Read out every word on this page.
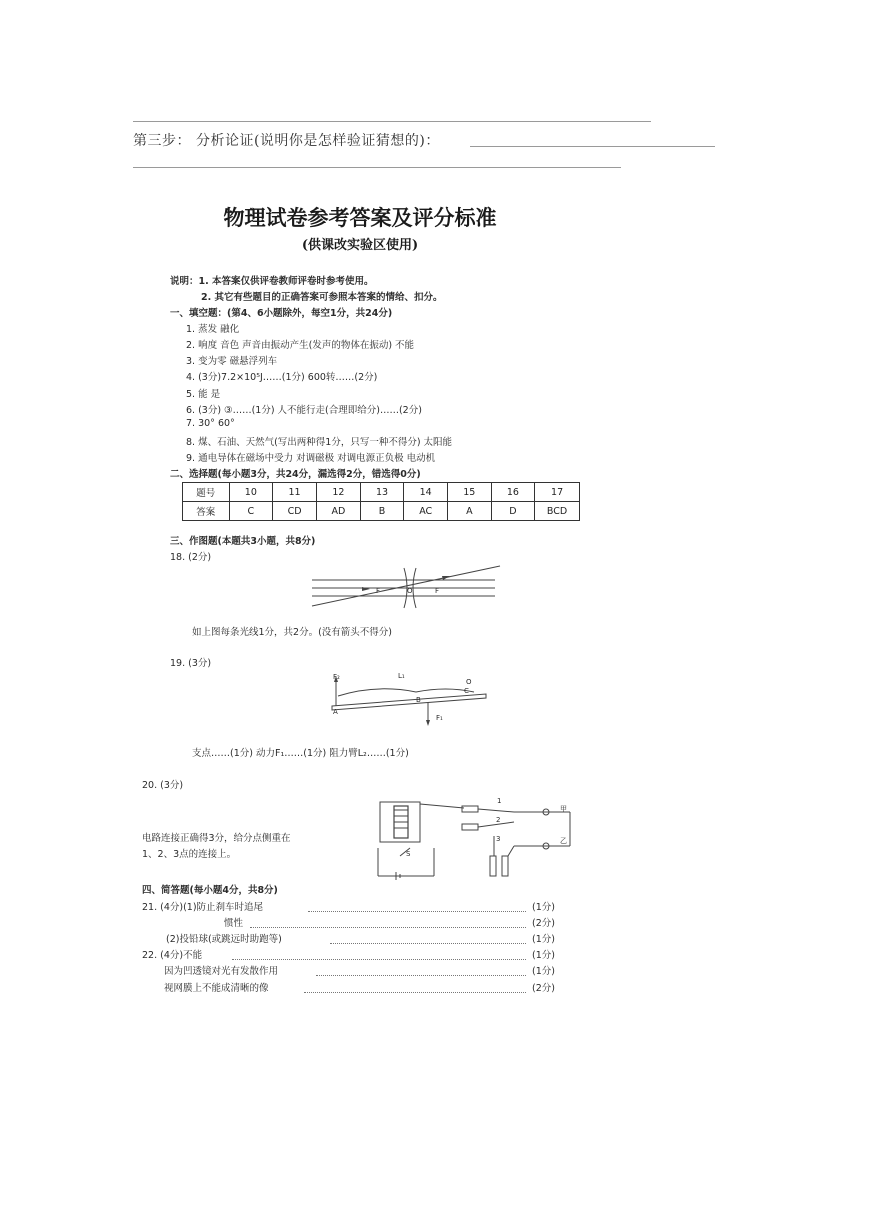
第三步： 分析论证(说明你是怎样验证猜想的)：
物理试卷参考答案及评分标准
(供课改实验区使用)
说明：1. 本答案仅供评卷教师评卷时参考使用。
2. 其它有些题目的正确答案可参照本答案的情给、扣分。
一、填空题：(第4、6小题除外，每空1分，共24分)
1. 蒸发 融化
2. 响度 音色 声音由振动产生(发声的物体在振动) 不能
3. 变为零 磁悬浮列车
4. (3分)7.2×10⁵J……(1分) 600转……(2分)
5. 能 是
6. (3分) ③……(1分) 人不能行走(合理即给分)……(2分)
7. 30° 60°
8. 煤、石油、天然气(写出两种得1分，只写一种不得分) 太阳能
9. 通电导体在磁场中受力 对调磁极 对调电源正负极 电动机
二、选择题(每小题3分，共24分，漏选得2分，错选得0分)
题号	10	11	12	13	14	15	16	17
答案	C	CD	AD	B	AC	A	D	BCD
三、作图题(本题共3小题，共8分)
18. (2分)
F	O	F
如上图每条光线1分，共2分。(没有箭头不得分)
19. (3分)
F₂	L₁
O
C
A
B
F₁
支点……(1分) 动力F₁……(1分) 阻力臂L₂……(1分)
20. (3分)
1
2
3
甲
乙
S
电路连接正确得3分，给分点侧重在
1、2、3点的连接上。
四、简答题(每小题4分，共8分)
21. (4分)(1)防止刹车时追尾	(1分)
惯性	(2分)
(2)投铅球(或跳远时助跑等)	(1分)
22. (4分)不能	(1分)
因为凹透镜对光有发散作用	(1分)
视网膜上不能成清晰的像	(2分)
